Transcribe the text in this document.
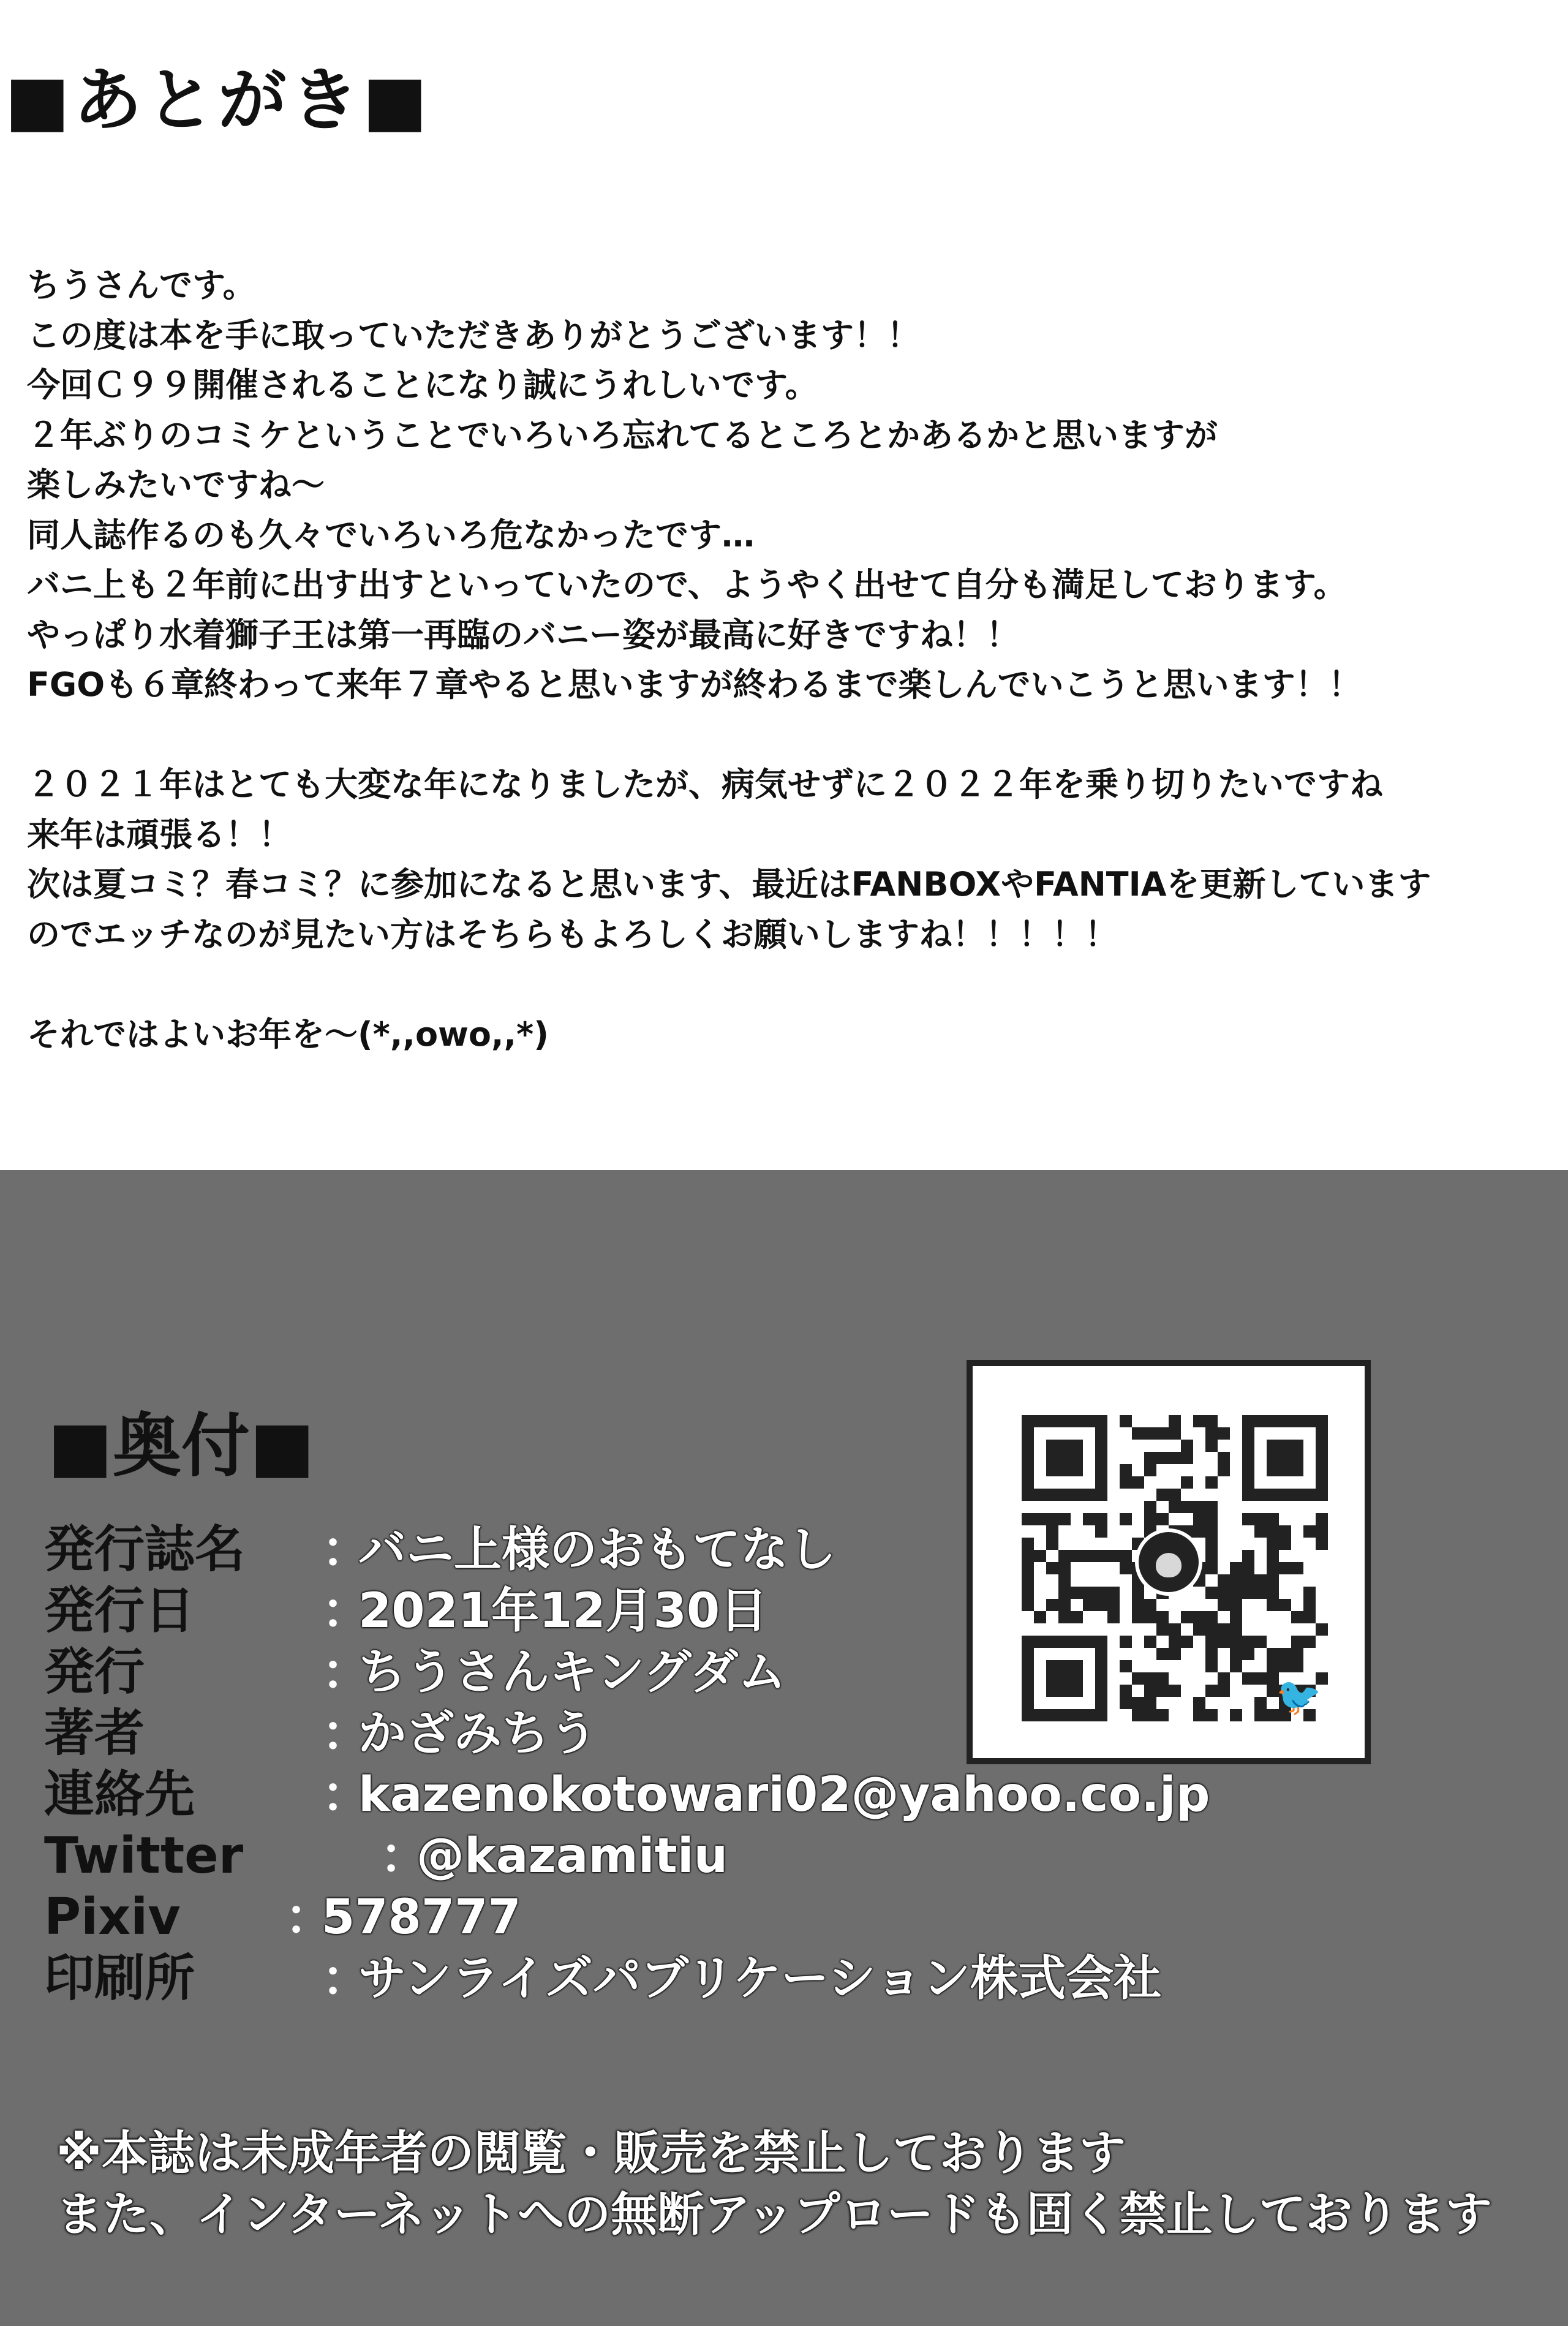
■あとがき■
ちうさんです。
この度は本を手に取っていただきありがとうございます！！
今回Ｃ９９開催されることになり誠にうれしいです。
２年ぶりのコミケということでいろいろ忘れてるところとかあるかと思いますが
楽しみたいですね～
同人誌作るのも久々でいろいろ危なかったです…
バニ上も２年前に出す出すといっていたので、ようやく出せて自分も満足しております。
やっぱり水着獅子王は第一再臨のバニー姿が最高に好きですね！！
FGOも６章終わって来年７章やると思いますが終わるまで楽しんでいこうと思います！！
２０２１年はとても大変な年になりましたが、病気せずに２０２２年を乗り切りたいですね
来年は頑張る！！
次は夏コミ？春コミ？に参加になると思います、最近はFANBOXやFANTIAを更新しています
のでエッチなのが見たい方はそちらもよろしくお願いしますね！！！！！
それではよいお年を～(*,,owo,,*)
■奥付■
発行誌名 ：
バニ上様のおもてなし
発行日	：
2021年12月30日
発行	：
ちうさんキングダム
著者	：
かざみちう
連絡先	：
kazenokotowari02@yahoo.co.jp
Twitter	：
@kazamitiu
Pixiv ：
578777
印刷所	：
サンライズパブリケーション株式会社
※本誌は未成年者の閲覧・販売を禁止しております
また、インターネットへの無断アップロードも固く禁止しております
🐦
